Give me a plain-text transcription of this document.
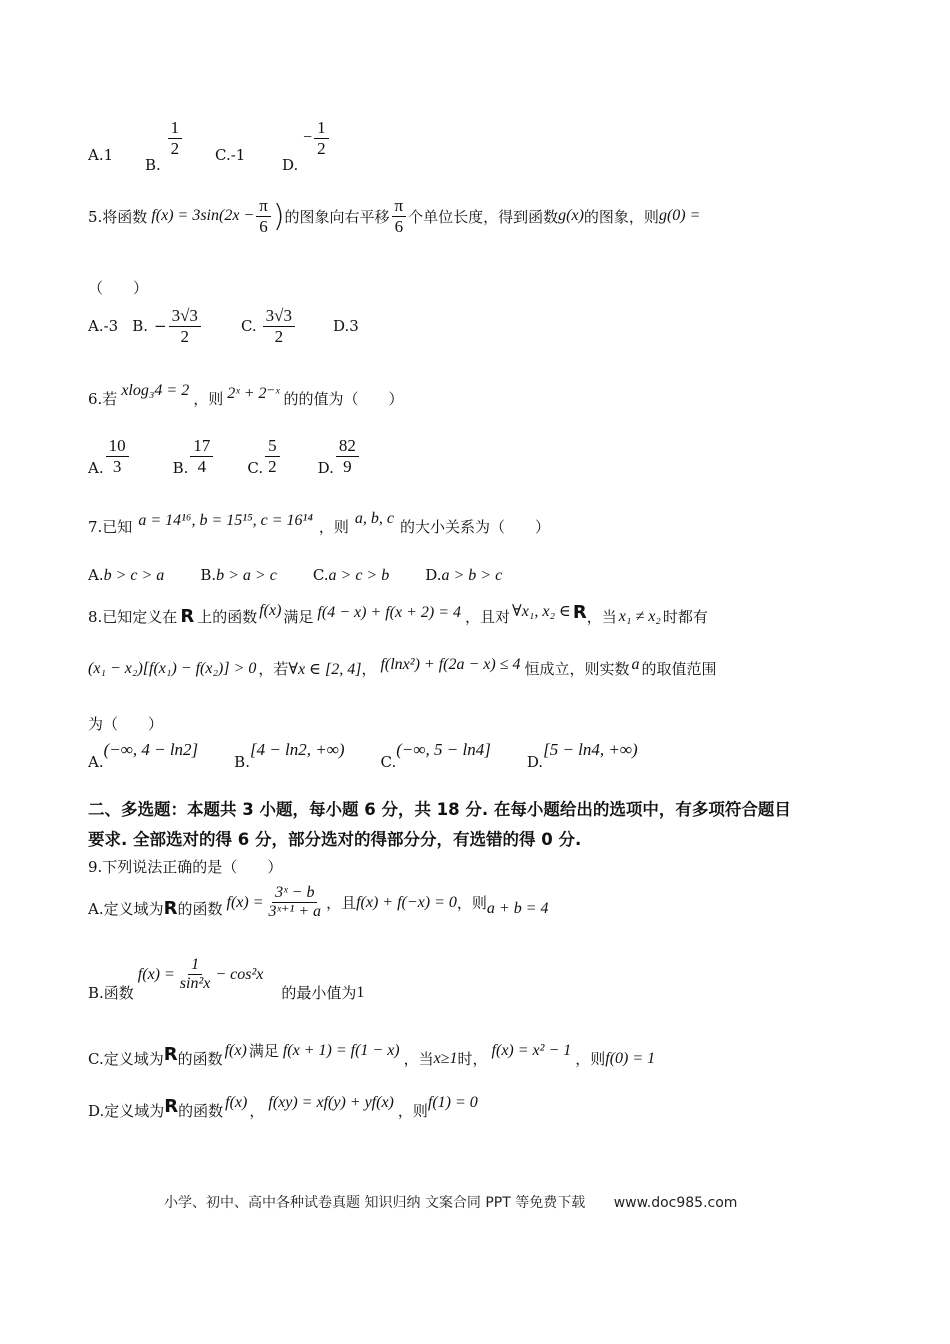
A.1
B.
$\frac{1}{2} C.-1$
D. − $\frac{1}{2}$
5.将函数 $f(x) = 3\sin(2x - \frac{\pi}{6}$ ) 的图象向右平移 $\frac{\pi}{6}$ 个单位长度，得到函数 g(x) 的图象，则 g(0) =
（　　）
A.-3 B. − $\frac{3√3}{2}$	C. $\frac{3√3}{2}$	D.3
6.若 xlog₃4 = 2 ，则 2ˣ + 2⁻ˣ 的的值为（　　）
A. $\frac{10}{3}$	B. $\frac{17}{4} C$. $\frac{5}{2}$	D. $\frac{82}{9}$
7.已知 a = 14¹⁶, b = 15¹⁵, c = 16¹⁴ ，则 a, b, c 的大小关系为（　　）
A.b > c > a B.b > a > c C.a > c > b D.a > b > c
8.已知定义在 R 上的函数 f(x) 满足 f(4 − x) + f(x + 2) = 4 ，且对 ∀x₁, x₂ ∈ R ，当 x₁ ≠ x₂ 时都有
(x₁ − x₂)[f(x₁) − f(x₂)] > 0 ，若 ∀x ∈ [2, 4] ， f(lnx²) + f(2a − x) ≤ 4 恒成立，则实数 a 的取值范围
为（　　）
A.
(−∞, 4 − ln2]
B.
[4 − ln2, +∞)
C.
(−∞, 5 − ln4]
D.
[5 − ln4, +∞)
二、多选题：本题共 3 小题，每小题 6 分，共 18 分. 在每小题给出的选项中，有多项符合题目
要求. 全部选对的得 6 分，部分选对的得部分分，有选错的得 0 分.
9.下列说法正确的是（　　）
A.定义域为 R 的函数 $f(x) = \frac{\text{3ˣ − b}}{\text{3ˣ⁺¹ + a}}$ ，且 f(x) + f(−x) = 0 ，则 a + b = 4
B.函数
$f(x) = \frac{1}{\text{sin²x}} - \cos^2x$
的最小值为 1
C.定义域为 R 的函数 f(x) 满足 f(x + 1) = f(1 − x) ，当 x≥1 时， f(x) = x² − 1 ，则 f(0) = 1
D.定义域为 R 的函数 f(x) ， f(xy) = xf(y) + yf(x) ，则 f(1) = 0
小学、初中、高中各种试卷真题 知识归纳 文案合同 PPT 等免费下载 www.doc985.com
